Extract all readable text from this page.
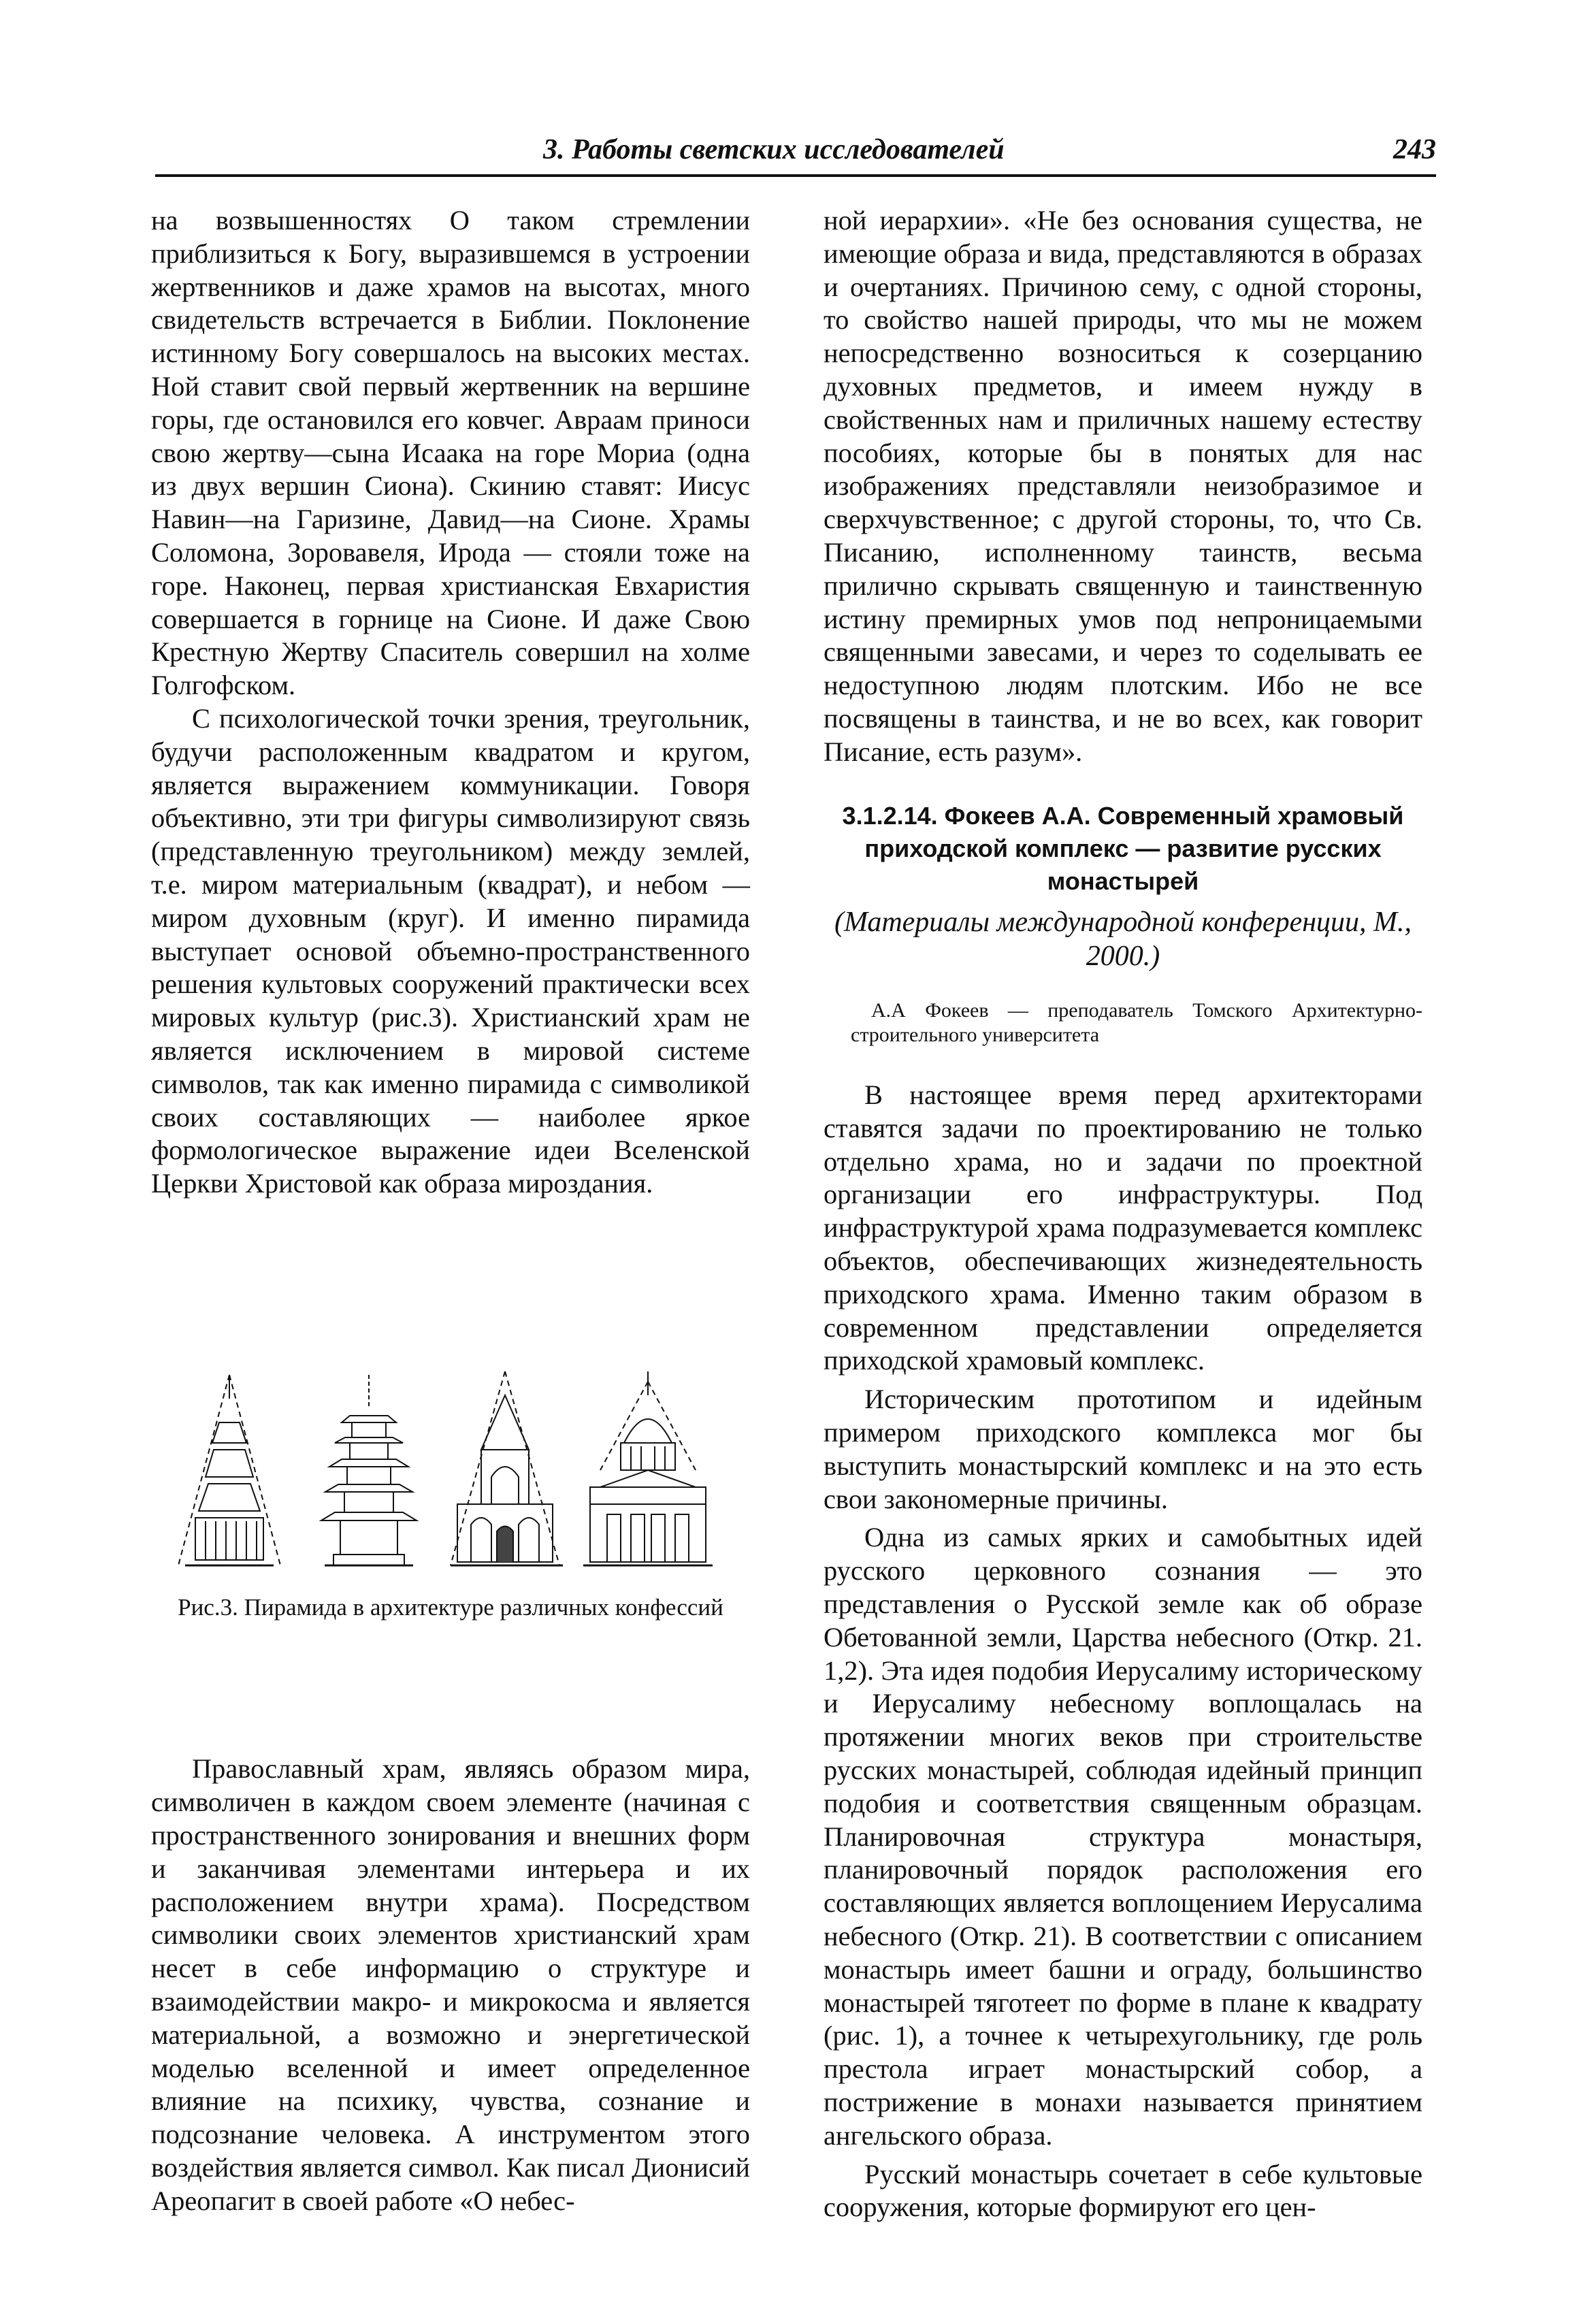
3. Работы светских исследователей	243

на возвышенностях О таком стремлении приблизиться к Богу, выразившемся в устроении жертвенников и даже храмов на высотах, много свидетельств встречается в Библии. Поклонение истинному Богу совершалось на высоких местах. Ной ставит свой первый жертвенник на вершине горы, где остановился его ковчег. Авраам приноси свою жертву—сына Исаака на горе Мориа (одна из двух вершин Сиона). Скинию ставят: Иисус Навин—на Гаризине, Давид—на Сионе. Храмы Соломона, Зоровавеля, Ирода — стояли тоже на горе. Наконец, первая христианская Евхаристия совершается в горнице на Сионе. И даже Свою Крестную Жертву Спаситель совершил на холме Голгофском.

С психологической точки зрения, треугольник, будучи расположенным квадратом и кругом, является выражением коммуникации. Говоря объективно, эти три фигуры символизируют связь (представленную треугольником) между землей, т.е. миром материальным (квадрат), и небом — миром духовным (круг). И именно пирамида выступает основой объемно-пространственного решения культовых сооружений практически всех мировых культур (рис.3). Христианский храм не является исключением в мировой системе символов, так как именно пирамида с символикой своих составляющих — наиболее яркое формологическое выражение идеи Вселенской Церкви Христовой как образа мироздания.

Рис.3. Пирамида в архитектуре различных конфессий

Православный храм, являясь образом мира, символичен в каждом своем элементе (начиная с пространственного зонирования и внешних форм и заканчивая элементами интерьера и их расположением внутри храма). Посредством символики своих элементов христианский храм несет в себе информацию о структуре и взаимодействии макро- и микрокосма и является материальной, а возможно и энергетической моделью вселенной и имеет определенное влияние на психику, чувства, сознание и подсознание человека. А инструментом этого воздействия является символ. Как писал Дионисий Ареопагит в своей работе «О небес-

ной иерархии». «Не без основания существа, не имеющие образа и вида, представляются в образах и очертаниях. Причиною сему, с одной стороны, то свойство нашей природы, что мы не можем непосредственно возноситься к созерцанию духовных предметов, и имеем нужду в свойственных нам и приличных нашему естеству пособиях, которые бы в понятых для нас изображениях представляли неизобразимое и сверхчувственное; с другой стороны, то, что Св. Писанию, исполненному таинств, весьма прилично скрывать священную и таинственную истину премирных умов под непроницаемыми священными завесами, и через то соделывать ее недоступною людям плотским. Ибо не все посвящены в таинства, и не во всех, как говорит Писание, есть разум».

3.1.2.14. Фокеев А.А. Современный храмовый приходской комплекс — развитие русских монастырей
(Материалы международной конференции, М., 2000.)
А.А Фокеев — преподаватель Томского Архитектурно-строительного университета

В настоящее время перед архитекторами ставятся задачи по проектированию не только отдельно храма, но и задачи по проектной организации его инфраструктуры. Под инфраструктурой храма подразумевается комплекс объектов, обеспечивающих жизнедеятельность приходского храма. Именно таким образом в современном представлении определяется приходской храмовый комплекс.

Историческим прототипом и идейным примером приходского комплекса мог бы выступить монастырский комплекс и на это есть свои закономерные причины.

Одна из самых ярких и самобытных идей русского церковного сознания — это представления о Русской земле как об образе Обетованной земли, Царства небесного (Откр. 21. 1,2). Эта идея подобия Иерусалиму историческому и Иерусалиму небесному воплощалась на протяжении многих веков при строительстве русских монастырей, соблюдая идейный принцип подобия и соответствия священным образцам. Планировочная структура монастыря, планировочный порядок расположения его составляющих является воплощением Иерусалима небесного (Откр. 21). В соответствии с описанием монастырь имеет башни и ограду, большинство монастырей тяготеет по форме в плане к квадрату (рис. 1), а точнее к четырехугольнику, где роль престола играет монастырский собор, а пострижение в монахи называется принятием ангельского образа.

Русский монастырь сочетает в себе культовые сооружения, которые формируют его цен-
